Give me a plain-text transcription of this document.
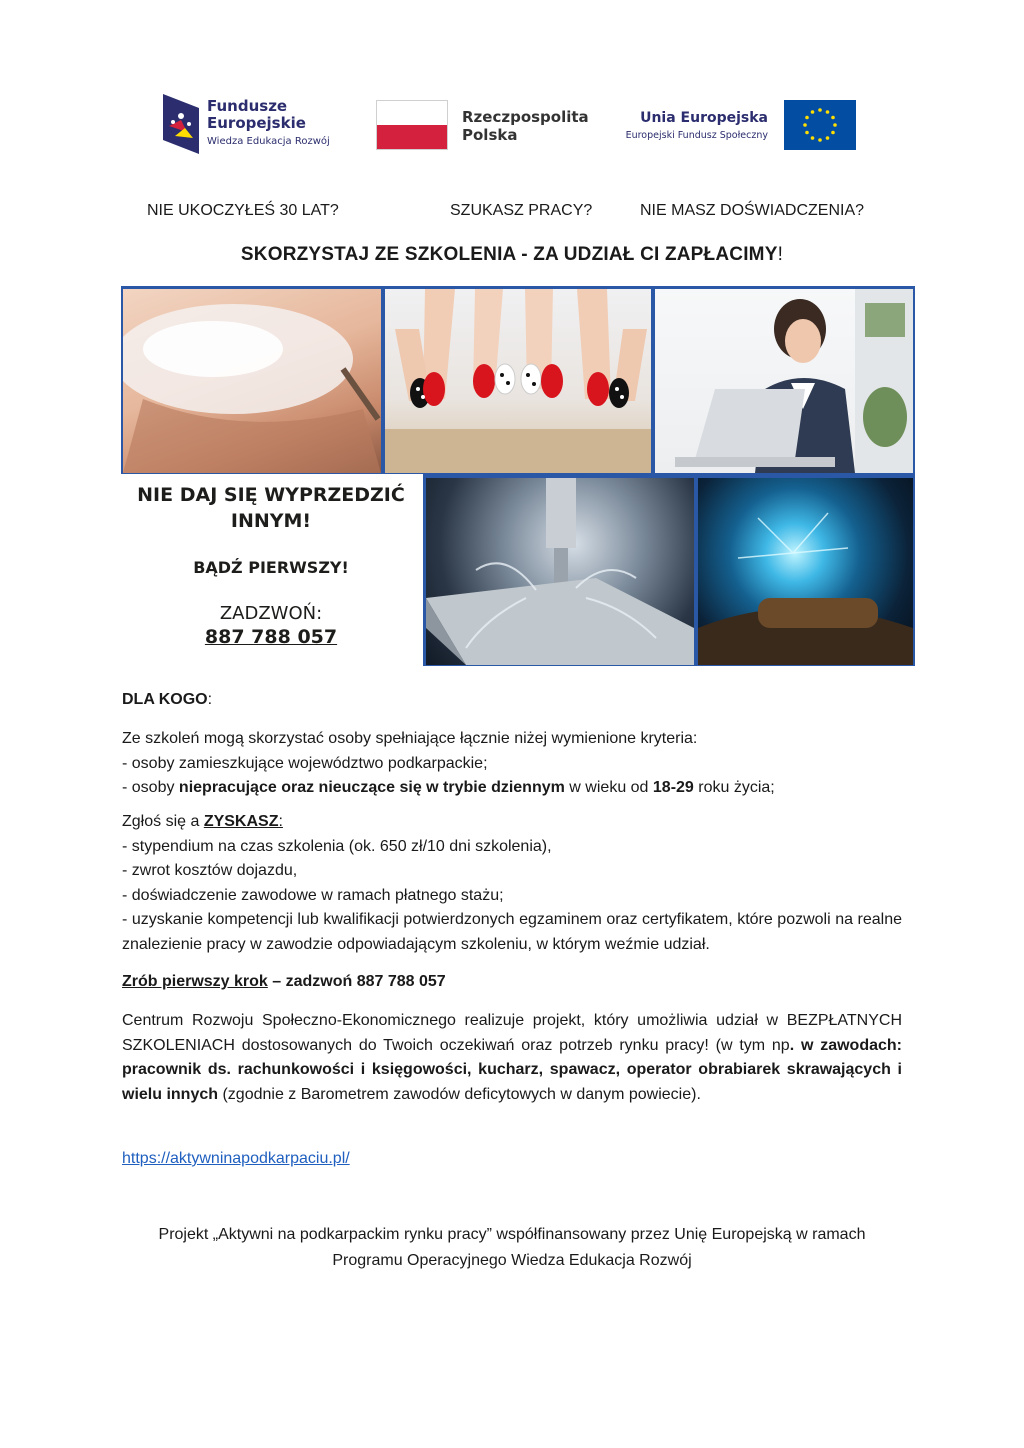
Fundusze
Europejskie
Wiedza Edukacja Rozwój
Rzeczpospolita
Polska
Unia Europejska
Europejski Fundusz Społeczny
NIE UKOCZYŁEŚ 30 LAT?	SZUKASZ PRACY?	NIE MASZ DOŚWIADCZENIA?
SKORZYSTAJ ZE SZKOLENIA - ZA UDZIAŁ CI ZAPŁACIMY!
NIE DAJ SIĘ WYPRZEDZIĆ
INNYM!
BĄDŹ PIERWSZY!
ZADZWOŃ:
887 788 057
DLA KOGO:
Ze szkoleń mogą skorzystać osoby spełniające łącznie niżej wymienione kryteria:
- osoby zamieszkujące województwo podkarpackie;
- osoby niepracujące oraz nieuczące się w trybie dziennym w wieku od 18-29 roku życia;
Zgłoś się a ZYSKASZ:
- stypendium na czas szkolenia (ok. 650 zł/10 dni szkolenia),
- zwrot kosztów dojazdu,
- doświadczenie zawodowe w ramach płatnego stażu;
- uzyskanie kompetencji lub kwalifikacji potwierdzonych egzaminem oraz certyfikatem, które pozwoli na realne znalezienie pracy w zawodzie odpowiadającym szkoleniu, w którym weźmie udział.
Zrób pierwszy krok – zadzwoń 887 788 057
Centrum Rozwoju Społeczno-Ekonomicznego realizuje projekt, który umożliwia udział w BEZPŁATNYCH SZKOLENIACH dostosowanych do Twoich oczekiwań oraz potrzeb rynku pracy! (w tym np. w zawodach: pracownik ds. rachunkowości i księgowości, kucharz, spawacz, operator obrabiarek skrawających i wielu innych (zgodnie z Barometrem zawodów deficytowych w danym powiecie).
https://aktywninapodkarpaciu.pl/
Projekt „Aktywni na podkarpackim rynku pracy” współfinansowany przez Unię Europejską w ramach
Programu Operacyjnego Wiedza Edukacja Rozwój
